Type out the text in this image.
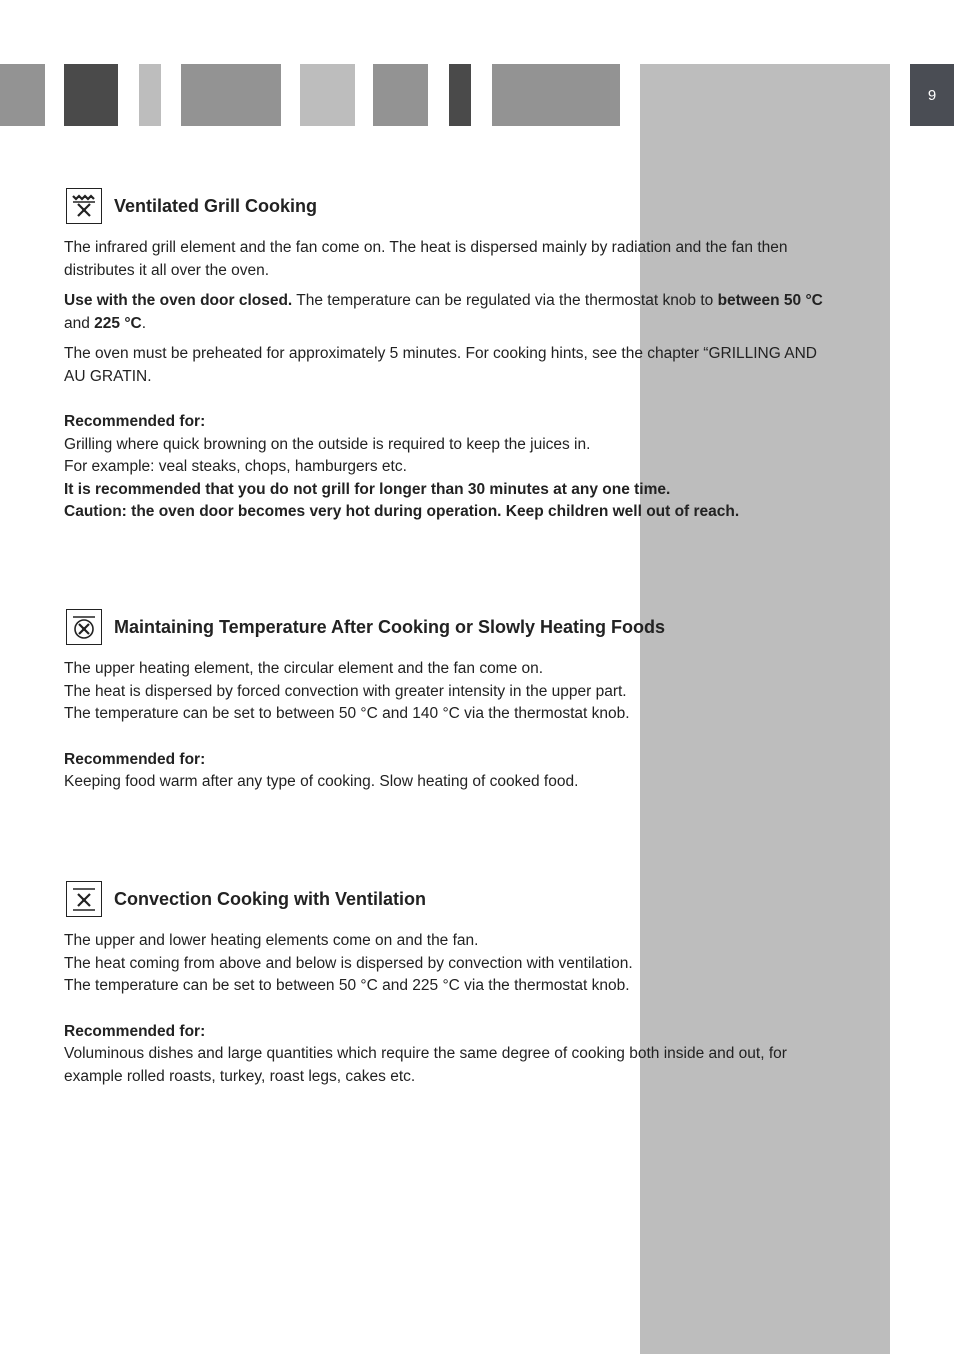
9
Ventilated Grill Cooking

The infrared grill element and the fan come on. The heat is dispersed mainly by radiation and the fan then distributes it all over the oven.

Use with the oven door closed. The temperature can be regulated via the thermostat knob to between 50 °C and 225 °C.

The oven must be preheated for approximately 5 minutes. For cooking hints, see the chapter “GRILLING AND AU GRATIN.

Recommended for:

Grilling where quick browning on the outside is required to keep the juices in.

For example: veal steaks, chops, hamburgers etc.

It is recommended that you do not grill for longer than 30 minutes at any one time.

Caution: the oven door becomes very hot during operation. Keep children well out of reach.

Maintaining Temperature After Cooking or Slowly Heating Foods

The upper heating element, the circular element and the fan come on.

The heat is dispersed by forced convection with greater intensity in the upper part.

The temperature can be set to between 50 °C and 140 °C via the thermostat knob.

Recommended for:

Keeping food warm after any type of cooking. Slow heating of cooked food.

Convection Cooking with Ventilation

The upper and lower heating elements come on and the fan.

The heat coming from above and below is dispersed by convection with ventilation.

The temperature can be set to between 50 °C and 225 °C via the thermostat knob.

Recommended for:

Voluminous dishes and large quantities which require the same degree of cooking both inside and out, for example rolled roasts, turkey, roast legs, cakes etc.
